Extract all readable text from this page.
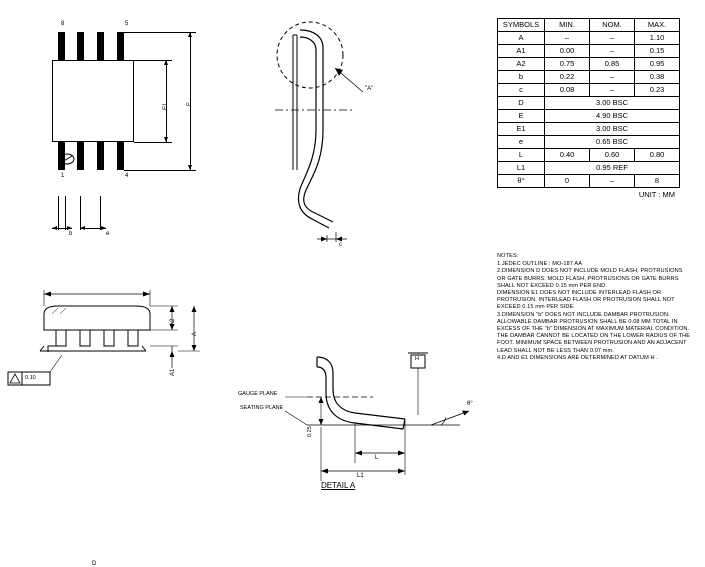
8	5
1	4
E1	E
b	e
"A"
c
SYMBOLS	MIN.	NOM.	MAX.
A	–	–	1.10
A1	0.00	–	0.15
A2	0.75	0.85	0.95
b	0.22	–	0.38
c	0.08	–	0.23
D	3.00 BSC		
E	4.90 BSC		
E1	3.00 BSC		
e	0.65 BSC		
L	0.40	0.60	0.80
L1	0.95 REF		
θ°	0	–	8
UNIT : MM
NOTES:
1.JEDEC OUTLINE : MO-187 AA
2.DIMENSION D DOES NOT INCLUDE MOLD FLASH, PROTRUSIONS OR GATE BURRS. MOLD FLASH, PROTRUSIONS OR GATE BURRS SHALL NOT EXCEED 0.15 mm PER END.
DIMENSION E1 DOES NOT INCLUDE INTERLEAD FLASH OR PROTRUSION. INTERLEAD FLASH OR PROTRUSION SHALL NOT EXCEED 0.15 mm PER SIDE.
3.DIMENSION "b" DOES NOT INCLUDE DAMBAR PROTRUSION. ALLOWABLE DAMBAR PROTRUSION SHALL BE 0.08 MM TOTAL IN EXCESS OF THE "b" DIMENSION AT MAXIMUM MATERIAL CONDITION. THE DAMBAR CANNOT BE LOCATED ON THE LOWER RADIUS OF THE FOOT. MINIMUM SPACE BETWEEN PROTRUSION AND AN ADJACENT LEAD SHALL NOT BE LESS THAN 0.07 mm.
4.D AND E1 DIMENSIONS ARE DETERMINED AT DATUM H .
D
A2
A
A1
0.10
GAUGE PLANE
SEATING PLANE
0.25
L
L1
θ°
H
DETAIL A
